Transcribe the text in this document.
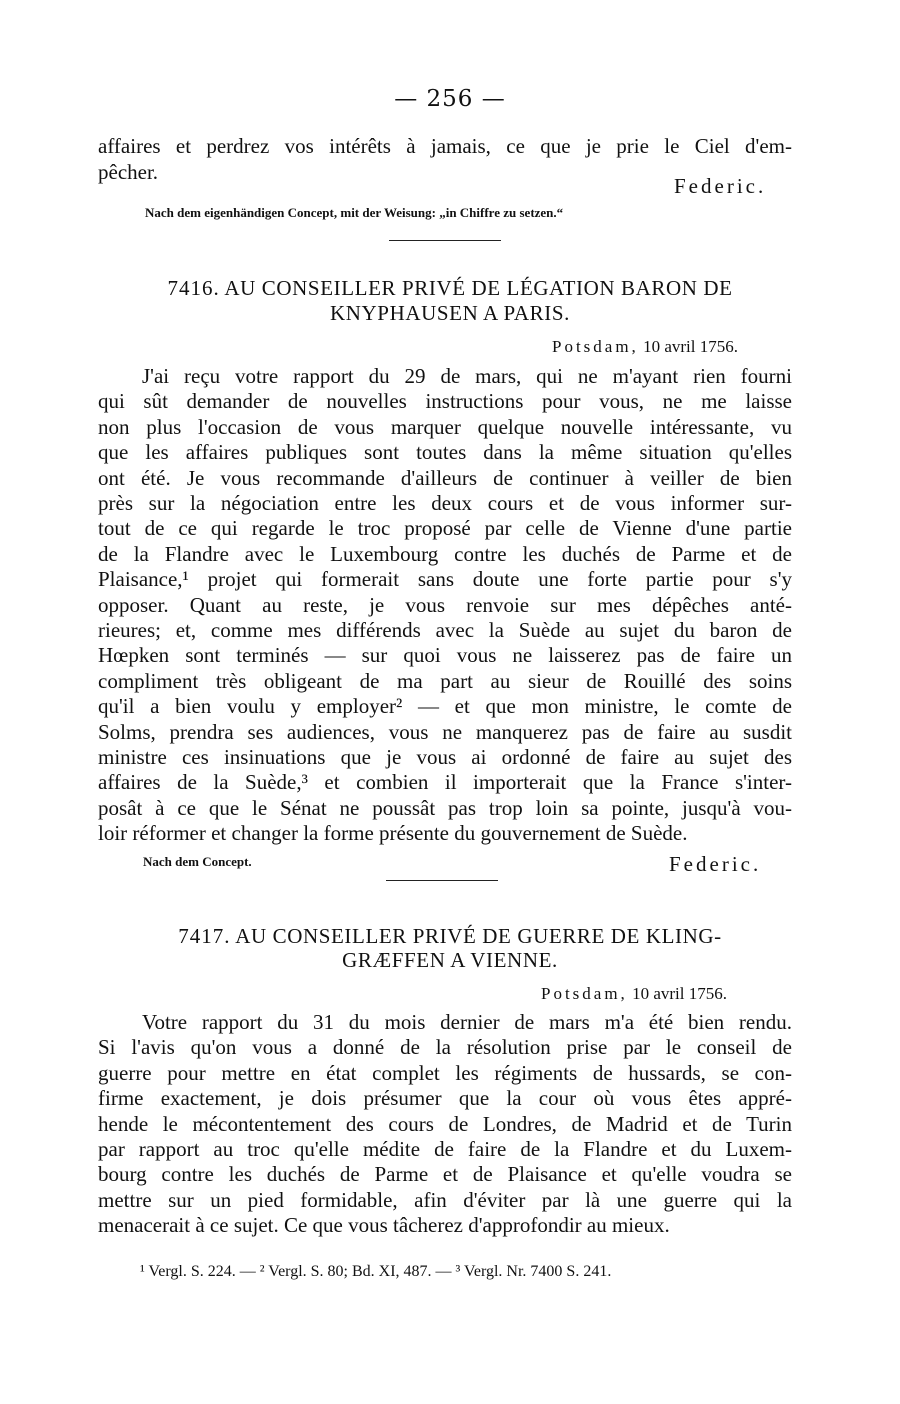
— 256 —
affaires et perdrez vos intérêts à jamais, ce que je prie le Ciel d'em-
pêcher.
Federic.
Nach dem eigenhändigen Concept, mit der Weisung: „in Chiffre zu setzen.“
7416. AU CONSEILLER PRIVÉ DE LÉGATION BARON DE
KNYPHAUSEN A PARIS.
Potsdam, 10 avril 1756.
J'ai reçu votre rapport du 29 de mars, qui ne m'ayant rien fourni
qui sût demander de nouvelles instructions pour vous, ne me laisse
non plus l'occasion de vous marquer quelque nouvelle intéressante, vu
que les affaires publiques sont toutes dans la même situation qu'elles
ont été. Je vous recommande d'ailleurs de continuer à veiller de bien
près sur la négociation entre les deux cours et de vous informer sur-
tout de ce qui regarde le troc proposé par celle de Vienne d'une partie
de la Flandre avec le Luxembourg contre les duchés de Parme et de
Plaisance,¹ projet qui formerait sans doute une forte partie pour s'y
opposer. Quant au reste, je vous renvoie sur mes dépêches anté-
rieures; et, comme mes différends avec la Suède au sujet du baron de
Hœpken sont terminés — sur quoi vous ne laisserez pas de faire un
compliment très obligeant de ma part au sieur de Rouillé des soins
qu'il a bien voulu y employer² — et que mon ministre, le comte de
Solms, prendra ses audiences, vous ne manquerez pas de faire au susdit
ministre ces insinuations que je vous ai ordonné de faire au sujet des
affaires de la Suède,³ et combien il importerait que la France s'inter-
posât à ce que le Sénat ne poussât pas trop loin sa pointe, jusqu'à vou-
loir réformer et changer la forme présente du gouvernement de Suède.
Nach dem Concept.	Federic.
7417. AU CONSEILLER PRIVÉ DE GUERRE DE KLING-
GRÆFFEN A VIENNE.
Potsdam, 10 avril 1756.
Votre rapport du 31 du mois dernier de mars m'a été bien rendu.
Si l'avis qu'on vous a donné de la résolution prise par le conseil de
guerre pour mettre en état complet les régiments de hussards, se con-
firme exactement, je dois présumer que la cour où vous êtes appré-
hende le mécontentement des cours de Londres, de Madrid et de Turin
par rapport au troc qu'elle médite de faire de la Flandre et du Luxem-
bourg contre les duchés de Parme et de Plaisance et qu'elle voudra se
mettre sur un pied formidable, afin d'éviter par là une guerre qui la
menacerait à ce sujet. Ce que vous tâcherez d'approfondir au mieux.
¹ Vergl. S. 224. — ² Vergl. S. 80; Bd. XI, 487. — ³ Vergl. Nr. 7400 S. 241.
